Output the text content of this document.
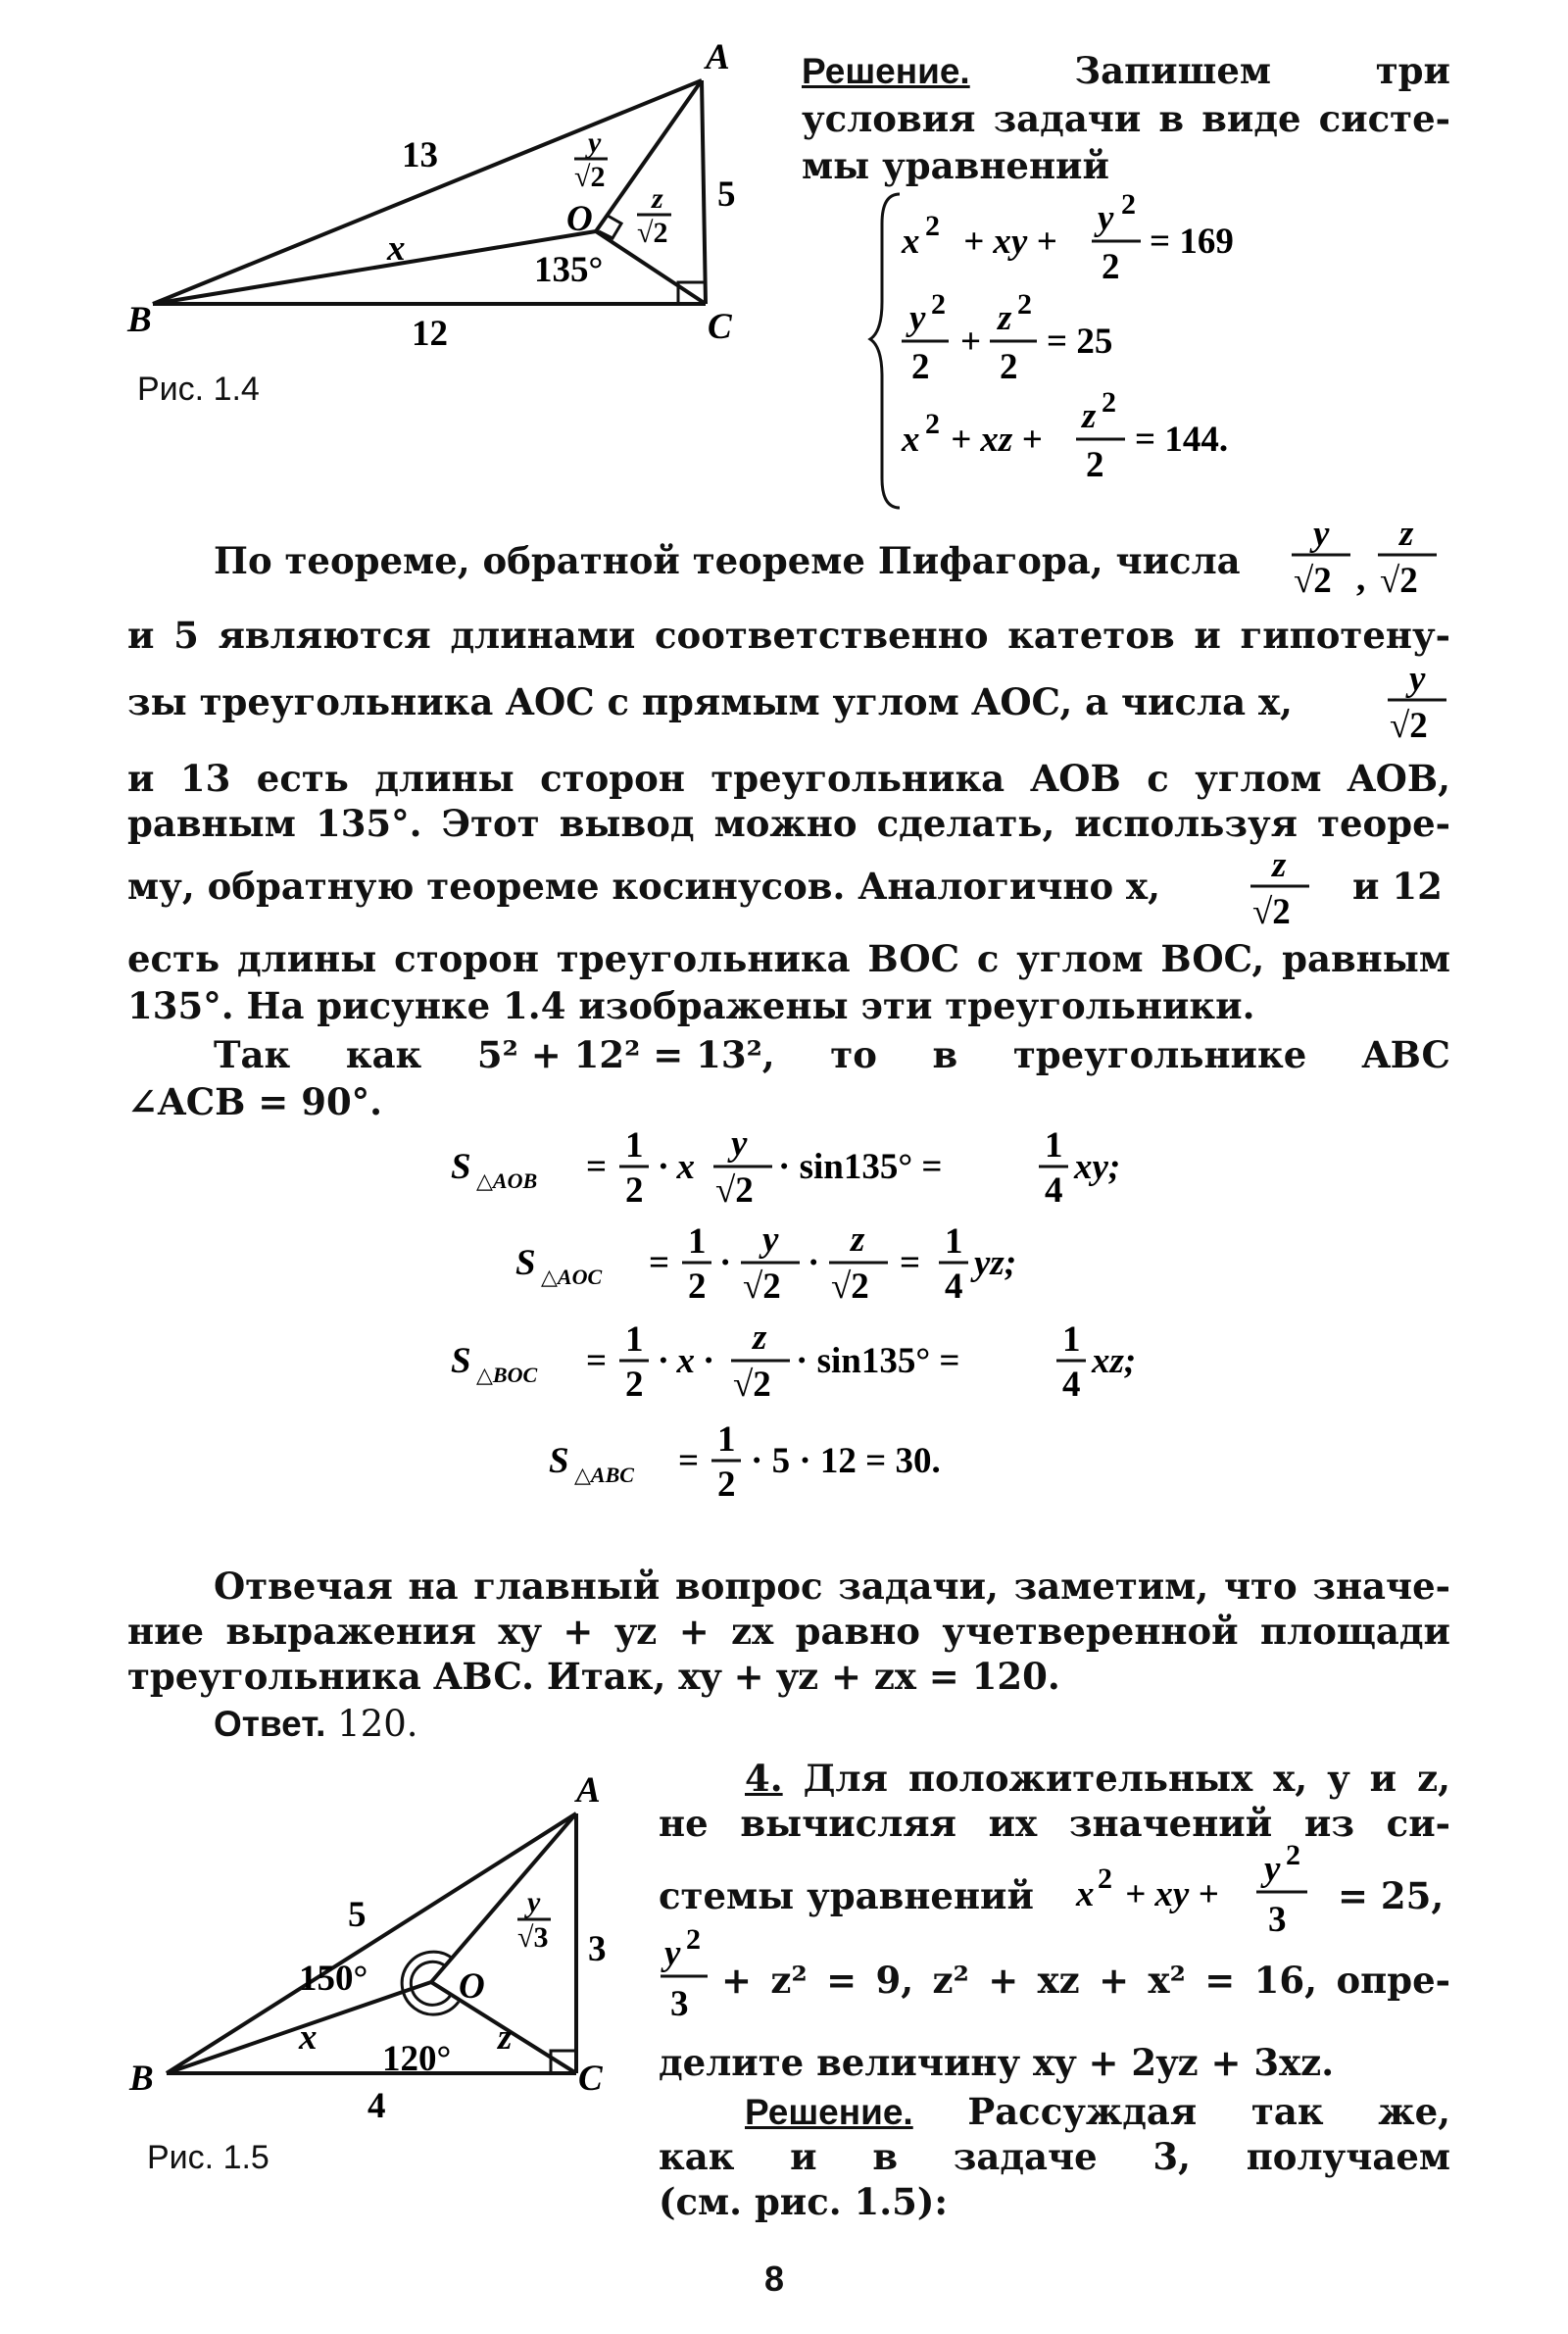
A
B	C
O
13
12
5
x
y
√2
z
√2
135°
Рис. 1.4
Решение. Запишем три
условия задачи в виде систе-
мы уравнений
x 2 + xy +
y 2
2
= 169
y 2
2
+
z 2
2
= 25
x 2 + xz +
z 2
2
= 144.
По теореме, обратной теореме Пифагора, числа
y
√2 ,
z
√2
и 5 являются длинами соответственно катетов и гипотену-
зы треугольника AOC с прямым углом AOC, а числа x,
y
√2
и 13 есть длины сторон треугольника AOB с углом AOB,
равным 135°. Этот вывод можно сделать, используя теоре-
му, обратную теореме косинусов. Аналогично x,	z
√2
и 12
есть длины сторон треугольника BOC с углом BOC, равным
135°. На рисунке 1.4 изображены эти треугольники.
Так как 5² + 12² = 13², то в треугольнике ABC
∠ACB = 90°.
S △AOB =
1
2
· x
y
√2
· sin135° =
1
4
xy;
S △AOC =
1
2
·
y
√2
·
z
√2
=
1
4
yz;
S △BOC =
1
2
· x ·
z
√2
· sin135° =
1
4
xz;
S △ABC =
1
2
· 5 · 12 = 30.
Отвечая на главный вопрос задачи, заметим, что значе-
ние выражения xy + yz + zx равно учетверенной площади
треугольника ABC. Итак, xy + yz + zx = 120.
Ответ. 120.
A
B	C
O
5
4
3
x
y
√3
z
150°
120°
Рис. 1.5
4. Для положительных x, y и z,
не вычисляя их значений из си-
стемы уравнений x 2 + xy +
y 2
3
= 25,
y 2
3
+ z² = 9, z² + xz + x² = 16, опре-
делите величину xy + 2yz + 3xz.
Решение. Рассуждая так же,
как и в задаче 3, получаем
(см. рис. 1.5):
8
